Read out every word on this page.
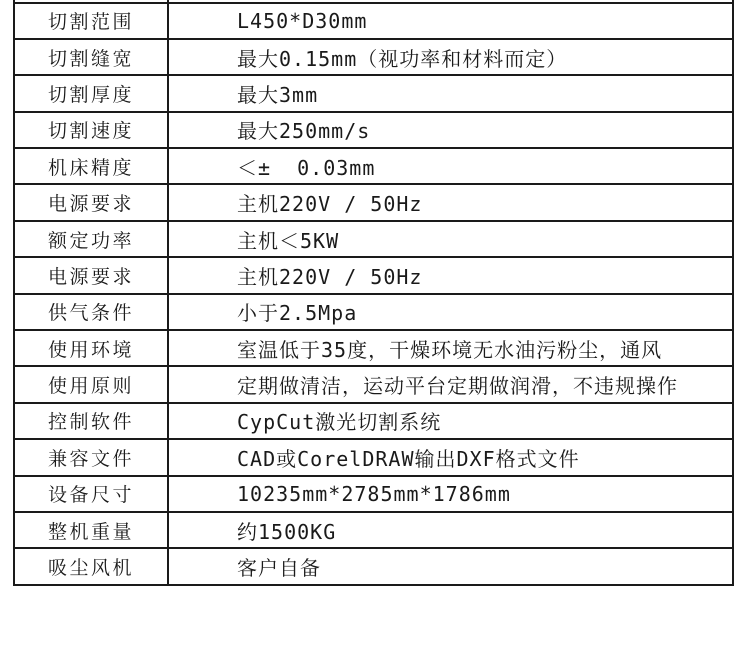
切割范围	L450*D30mm
切割缝宽	最大0.15mm（视功率和材料而定）
切割厚度	最大3mm
切割速度	最大250mm/s
机床精度	＜±  0.03mm
电源要求	主机220V / 50Hz
额定功率	主机＜5KW
电源要求	主机220V / 50Hz
供气条件	小于2.5Mpa
使用环境	室温低于35度，干燥环境无水油污粉尘，通风
使用原则	定期做清洁，运动平台定期做润滑，不违规操作
控制软件	CypCut激光切割系统
兼容文件	CAD或CorelDRAW输出DXF格式文件
设备尺寸	10235mm*2785mm*1786mm
整机重量	约1500KG
吸尘风机	客户自备
